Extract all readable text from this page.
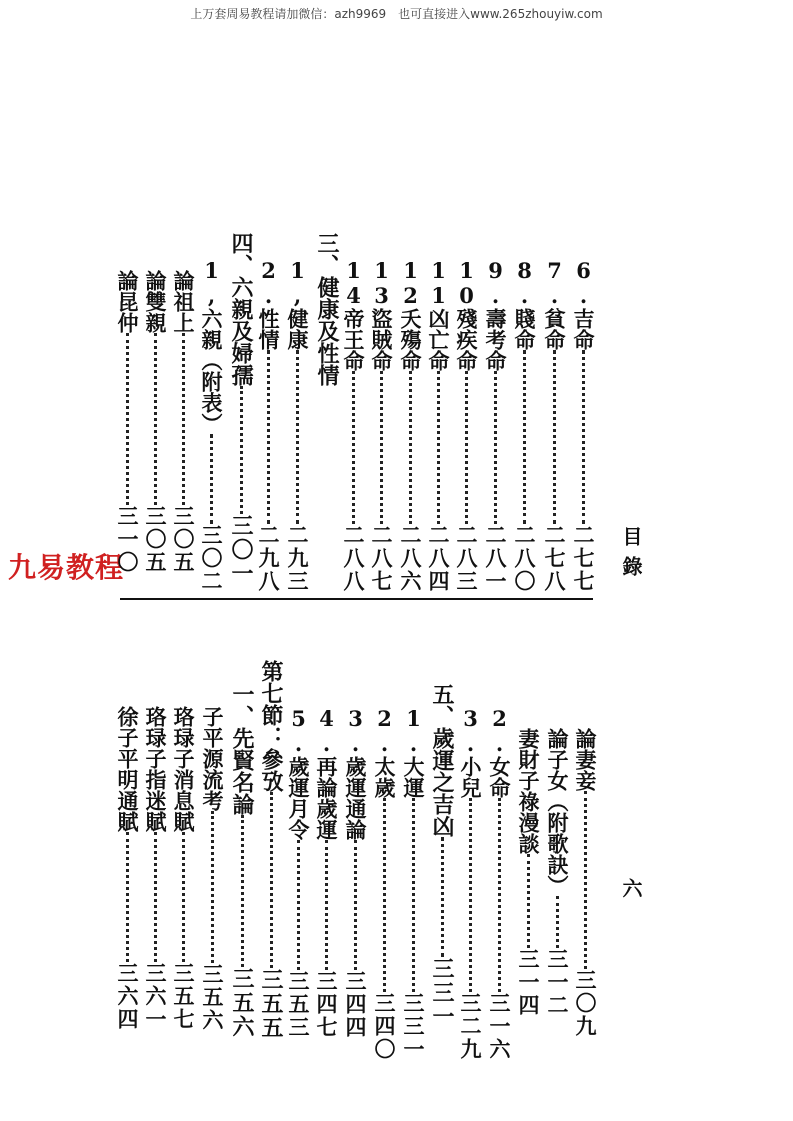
上万套周易教程请加微信：azh9969　也可直接进入www.265zhouyiw.com
目錄
六
九易教程
6.吉命二七七
7.貧命二七八
8.賤命二八〇
9.壽考命二八一
10殘疾命二八三
11凶亡命二八四
12夭殤命二八六
13盜賊命二八七
14帝王命二八八
三、健康及性情
1,健康二九三
2.性情二九八
四、六親及婦孺三〇一
1,六親（附表）三〇二
論祖上三〇五
論雙親三〇五
論昆仲三一〇
論妻妾三〇九
論子女（附歌訣）三一二
妻財子祿漫談三一四
2.女命三一六
3.小兒三二九
五、歲運之吉凶三三一
1.大運三三一
2.太歲三四〇
3.歲運通論三四四
4.再論歲運三四七
5.歲運月令三五三
第七節：參攷三五五
一、先賢名論三五六
子平源流考三五六
珞琭子消息賦三五七
珞琭子指迷賦三六一
徐子平明通賦三六四
